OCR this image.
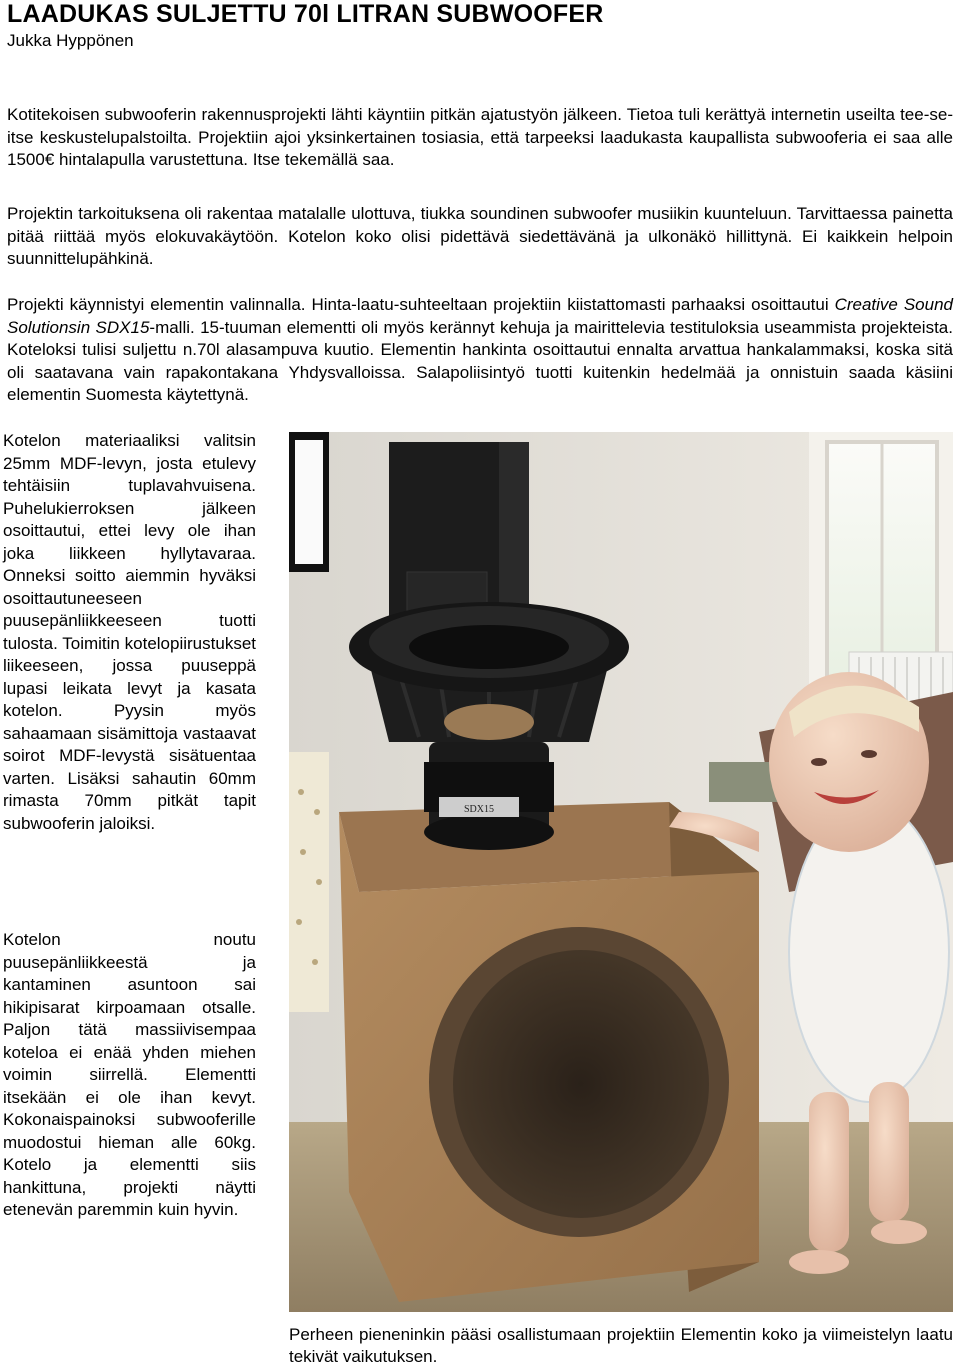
LAADUKAS SULJETTU 70l LITRAN SUBWOOFER
Jukka Hyppönen
Kotitekoisen subwooferin rakennusprojekti lähti käyntiin pitkän ajatustyön jälkeen. Tietoa tuli kerättyä internetin useilta tee-se-itse keskustelupalstoilta. Projektiin ajoi yksinkertainen tosiasia, että tarpeeksi laadukasta kaupallista subwooferia ei saa alle 1500€ hintalapulla varustettuna. Itse tekemällä saa.
Projektin tarkoituksena oli rakentaa matalalle ulottuva, tiukka soundinen subwoofer musiikin kuunteluun. Tarvittaessa painetta pitää riittää myös elokuvakäytöön. Kotelon koko olisi pidettävä siedettävänä ja ulkonäkö hillittynä. Ei kaikkein helpoin suunnittelupähkinä.
Projekti käynnistyi elementin valinnalla. Hinta-laatu-suhteeltaan projektiin kiistattomasti parhaaksi osoittautui Creative Sound Solutionsin SDX15-malli. 15-tuuman elementti oli myös kerännyt kehuja ja mairittelevia testituloksia useammista projekteista. Koteloksi tulisi suljettu n.70l alasampuva kuutio. Elementin hankinta osoittautui ennalta arvattua hankalammaksi, koska sitä oli saatavana vain rapakontakana Yhdysvalloissa. Salapoliisintyö tuotti kuitenkin hedelmää ja onnistuin saada käsiini elementin Suomesta käytettynä.
Kotelon materiaaliksi valitsin 25mm MDF-levyn, josta etulevy tehtäisiin tuplavahvuisena. Puhelukierroksen jälkeen osoittautui, ettei levy ole ihan joka liikkeen hyllytavaraa. Onneksi soitto aiemmin hyväksi osoittautuneeseen puusepänliikkeeseen tuotti tulosta. Toimitin kotelopiirustukset liikeeseen, jossa puuseppä lupasi leikata levyt ja kasata kotelon. Pyysin myös sahaamaan sisämittoja vastaavat soirot MDF-levystä sisätuentaa varten. Lisäksi sahautin 60mm rimasta 70mm pitkät tapit subwooferin jaloiksi.
Kotelon noutu puusepänliikkeestä ja kantaminen asuntoon sai hikipisarat kirpoamaan otsalle. Paljon tätä massiivisempaa koteloa ei enää yhden miehen voimin siirrellä. Elementti itsekään ei ole ihan kevyt. Kokonaispainoksi subwooferille muodostui hieman alle 60kg. Kotelo ja elementti siis hankittuna, projekti näytti etenevän paremmin kuin hyvin.
SDX15
Perheen pieneninkin pääsi osallistumaan projektiin Elementin koko ja viimeistelyn laatu tekivät vaikutuksen.
